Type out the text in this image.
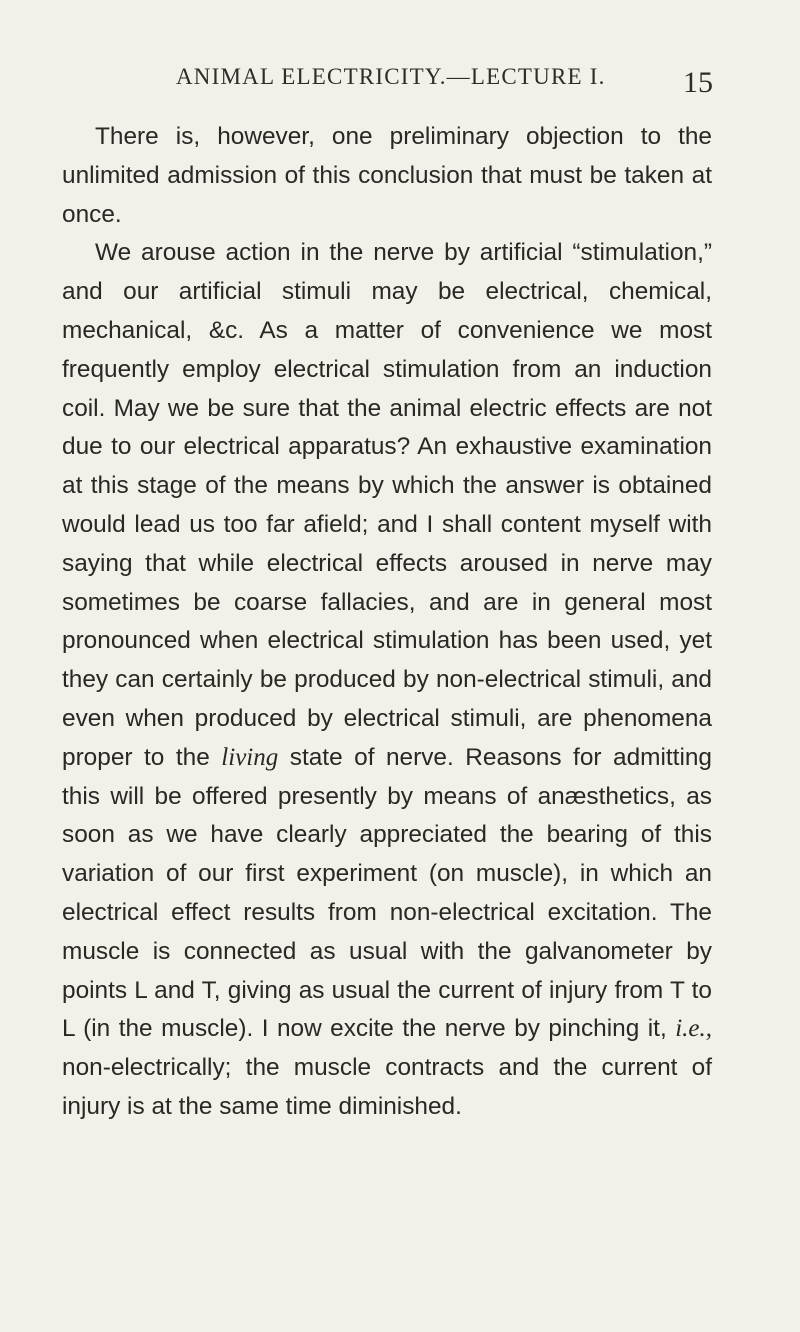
ANIMAL ELECTRICITY.—LECTURE I.	15

There is, however, one preliminary objection to the unlimited admission of this conclusion that must be taken at once.

We arouse action in the nerve by artificial “stimulation,” and our artificial stimuli may be electrical, chemical, mechanical, &c. As a matter of convenience we most frequently employ electrical stimulation from an induction coil. May we be sure that the animal electric effects are not due to our electrical apparatus? An exhaustive examination at this stage of the means by which the answer is obtained would lead us too far afield; and I shall content myself with saying that while electrical effects aroused in nerve may sometimes be coarse fallacies, and are in general most pronounced when electrical stimulation has been used, yet they can certainly be produced by non-electrical stimuli, and even when produced by electrical stimuli, are phenomena proper to the living state of nerve. Reasons for admitting this will be offered presently by means of anæsthetics, as soon as we have clearly appreciated the bearing of this variation of our first experiment (on muscle), in which an electrical effect results from non-electrical excitation. The muscle is connected as usual with the galvanometer by points L and T, giving as usual the current of injury from T to L (in the muscle). I now excite the nerve by pinching it, i.e., non-electrically; the muscle contracts and the current of injury is at the same time diminished.
